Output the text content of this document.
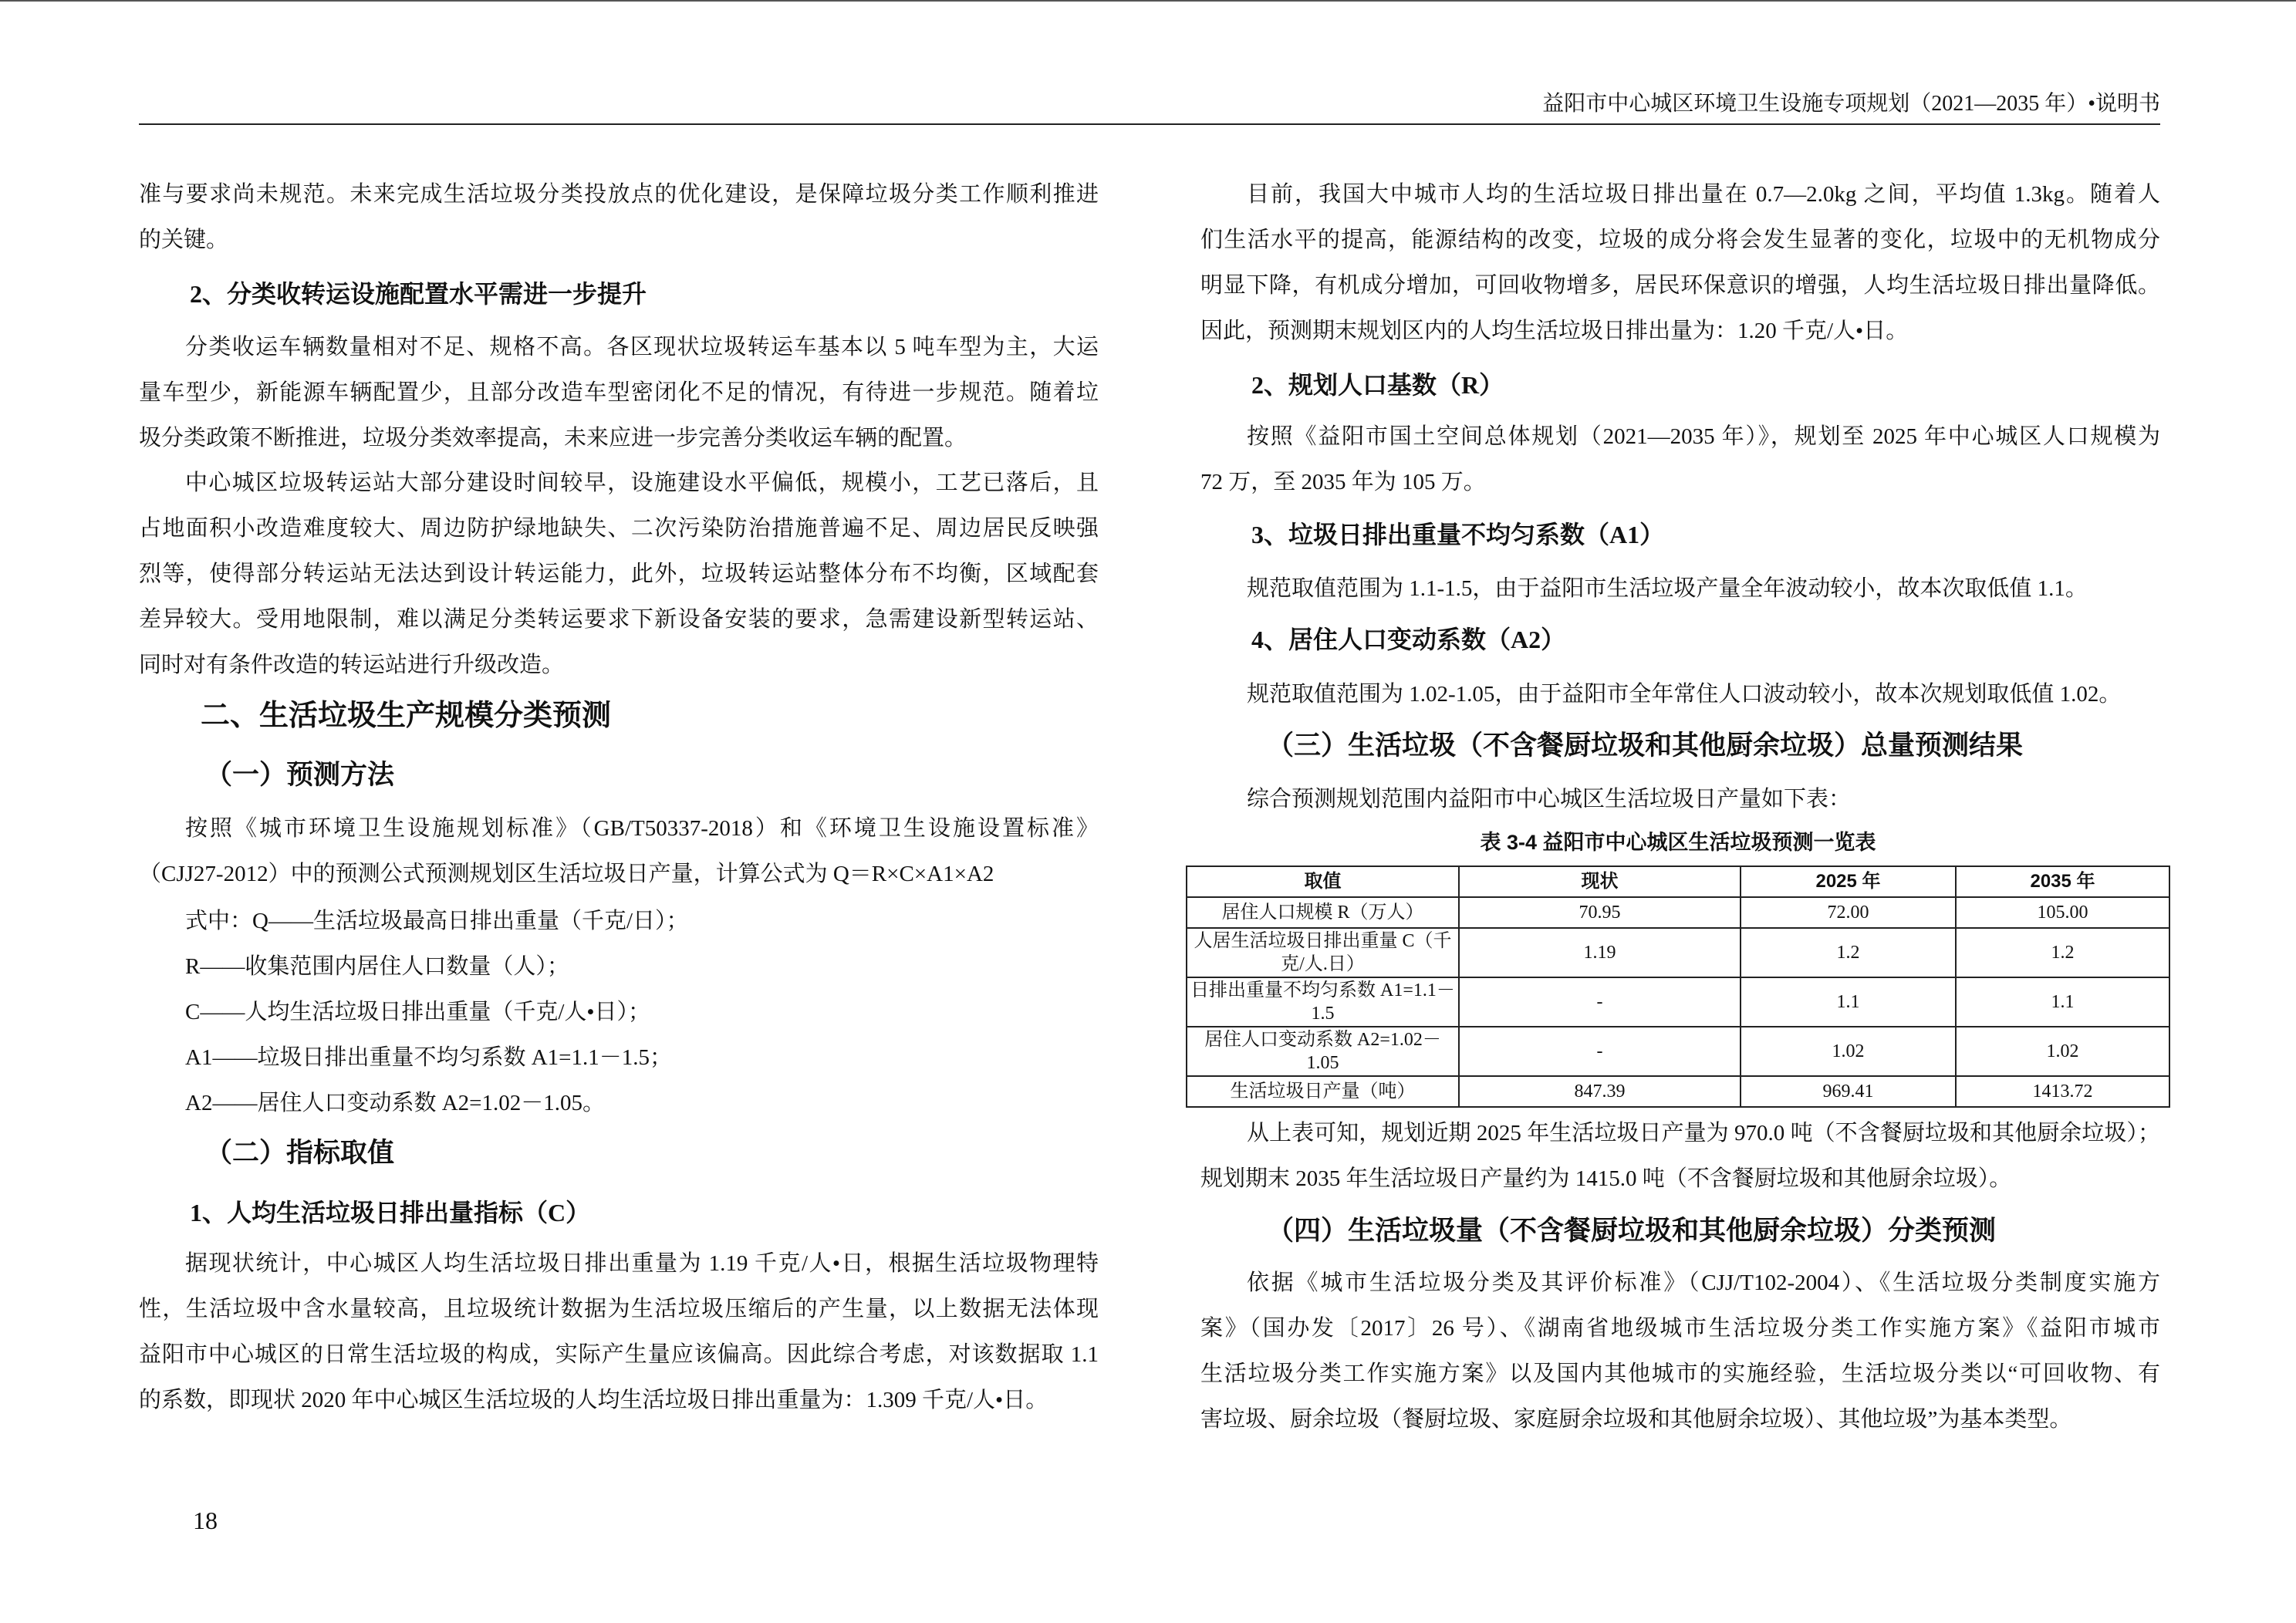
益阳市中心城区环境卫生设施专项规划（2021—2035 年）•说明书
准与要求尚未规范。未来完成生活垃圾分类投放点的优化建设，是保障垃圾分类工作顺利推进
的关键。
2、分类收转运设施配置水平需进一步提升
分类收运车辆数量相对不足、规格不高。各区现状垃圾转运车基本以 5 吨车型为主，大运
量车型少，新能源车辆配置少，且部分改造车型密闭化不足的情况，有待进一步规范。随着垃
圾分类政策不断推进，垃圾分类效率提高，未来应进一步完善分类收运车辆的配置。
中心城区垃圾转运站大部分建设时间较早，设施建设水平偏低，规模小，工艺已落后，且
占地面积小改造难度较大、周边防护绿地缺失、二次污染防治措施普遍不足、周边居民反映强
烈等，使得部分转运站无法达到设计转运能力，此外，垃圾转运站整体分布不均衡，区域配套
差异较大。受用地限制，难以满足分类转运要求下新设备安装的要求，急需建设新型转运站、
同时对有条件改造的转运站进行升级改造。
二、生活垃圾生产规模分类预测
（一）预测方法
按照《城市环境卫生设施规划标准》（GB/T50337-2018）和《环境卫生设施设置标准》
（CJJ27-2012）中的预测公式预测规划区生活垃圾日产量，计算公式为 Q＝R×C×A1×A2
式中：Q——生活垃圾最高日排出重量（千克/日）；
R——收集范围内居住人口数量（人）；
C——人均生活垃圾日排出重量（千克/人•日）；
A1——垃圾日排出重量不均匀系数 A1=1.1－1.5；
A2——居住人口变动系数 A2=1.02－1.05。
（二）指标取值
1、人均生活垃圾日排出量指标（C）
据现状统计，中心城区人均生活垃圾日排出重量为 1.19 千克/人•日，根据生活垃圾物理特
性，生活垃圾中含水量较高，且垃圾统计数据为生活垃圾压缩后的产生量，以上数据无法体现
益阳市中心城区的日常生活垃圾的构成，实际产生量应该偏高。因此综合考虑，对该数据取 1.1
的系数，即现状 2020 年中心城区生活垃圾的人均生活垃圾日排出重量为：1.309 千克/人•日。
目前，我国大中城市人均的生活垃圾日排出量在 0.7—2.0kg 之间，平均值 1.3kg。随着人
们生活水平的提高，能源结构的改变，垃圾的成分将会发生显著的变化，垃圾中的无机物成分
明显下降，有机成分增加，可回收物增多，居民环保意识的增强，人均生活垃圾日排出量降低。
因此，预测期末规划区内的人均生活垃圾日排出量为：1.20 千克/人•日。
2、规划人口基数（R）
按照《益阳市国土空间总体规划（2021—2035 年）》，规划至 2025 年中心城区人口规模为
72 万，至 2035 年为 105 万。
3、垃圾日排出重量不均匀系数（A1）
规范取值范围为 1.1-1.5，由于益阳市生活垃圾产量全年波动较小，故本次取低值 1.1。
4、居住人口变动系数（A2）
规范取值范围为 1.02-1.05，由于益阳市全年常住人口波动较小，故本次规划取低值 1.02。
（三）生活垃圾（不含餐厨垃圾和其他厨余垃圾）总量预测结果
综合预测规划范围内益阳市中心城区生活垃圾日产量如下表：
表 3-4 益阳市中心城区生活垃圾预测一览表
取值	现状	2025 年	2035 年
居住人口规模 R（万人）	70.95	72.00	105.00
人居生活垃圾日排出重量 C（千克/人.日）	1.19	1.2	1.2
日排出重量不均匀系数 A1=1.1－1.5	-	1.1	1.1
居住人口变动系数 A2=1.02－1.05	-	1.02	1.02
生活垃圾日产量（吨）	847.39	969.41	1413.72
从上表可知，规划近期 2025 年生活垃圾日产量为 970.0 吨（不含餐厨垃圾和其他厨余垃圾）；
规划期末 2035 年生活垃圾日产量约为 1415.0 吨（不含餐厨垃圾和其他厨余垃圾）。
（四）生活垃圾量（不含餐厨垃圾和其他厨余垃圾）分类预测
依据《城市生活垃圾分类及其评价标准》（CJJ/T102-2004）、《生活垃圾分类制度实施方
案》（国办发〔2017〕26 号）、《湖南省地级城市生活垃圾分类工作实施方案》《益阳市城市
生活垃圾分类工作实施方案》以及国内其他城市的实施经验，生活垃圾分类以“可回收物、有
害垃圾、厨余垃圾（餐厨垃圾、家庭厨余垃圾和其他厨余垃圾）、其他垃圾”为基本类型。
18
